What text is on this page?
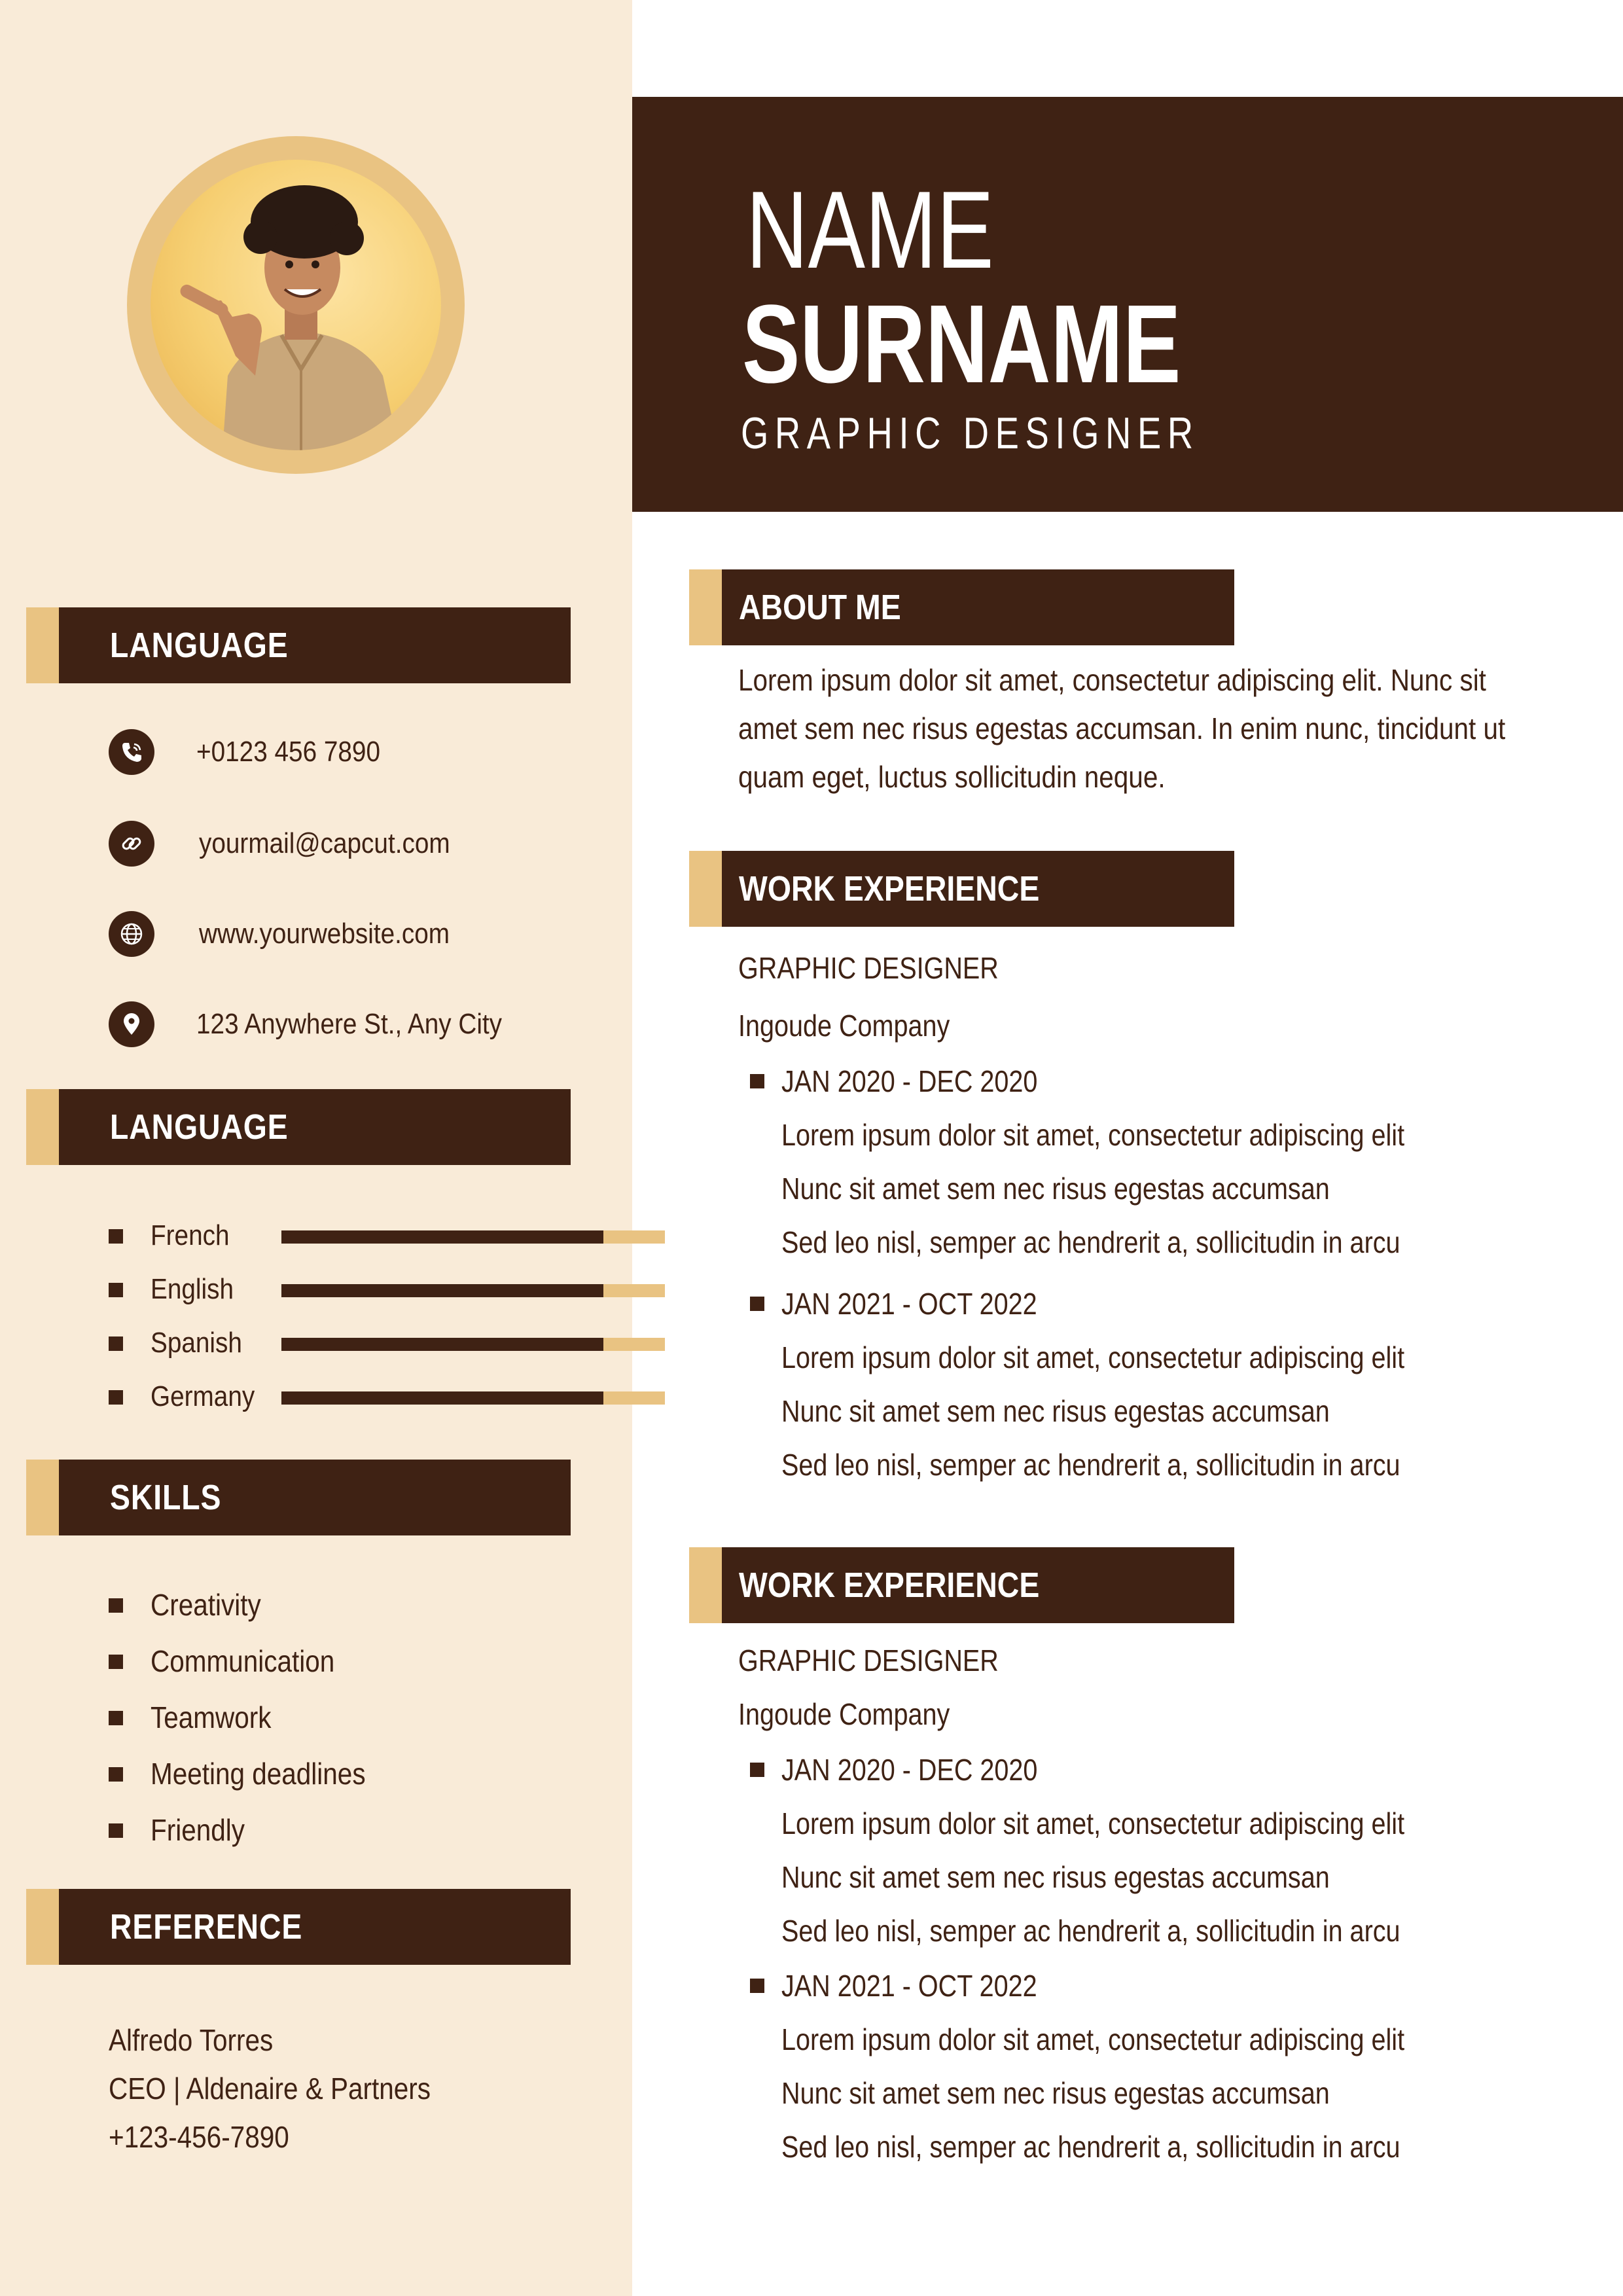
LANGUAGE
+0123 456 7890
yourmail@capcut.com
www.yourwebsite.com
123 Anywhere St., Any City
LANGUAGE
French
English
Spanish
Germany
SKILLS
Creativity
Communication
Teamwork
Meeting deadlines
Friendly
REFERENCE
Alfredo Torres
CEO | Aldenaire & Partners
+123-456-7890
NAME
SURNAME
GRAPHIC DESIGNER
ABOUT ME
Lorem ipsum dolor sit amet, consectetur adipiscing elit. Nunc sit
amet sem nec risus egestas accumsan. In enim nunc, tincidunt ut
quam eget, luctus sollicitudin neque.
WORK EXPERIENCE
GRAPHIC DESIGNER
Ingoude Company
JAN 2020 - DEC 2020
Lorem ipsum dolor sit amet, consectetur adipiscing elit
Nunc sit amet sem nec risus egestas accumsan
Sed leo nisl, semper ac hendrerit a, sollicitudin in arcu
JAN 2021 - OCT 2022
Lorem ipsum dolor sit amet, consectetur adipiscing elit
Nunc sit amet sem nec risus egestas accumsan
Sed leo nisl, semper ac hendrerit a, sollicitudin in arcu
WORK EXPERIENCE
GRAPHIC DESIGNER
Ingoude Company
JAN 2020 - DEC 2020
Lorem ipsum dolor sit amet, consectetur adipiscing elit
Nunc sit amet sem nec risus egestas accumsan
Sed leo nisl, semper ac hendrerit a, sollicitudin in arcu
JAN 2021 - OCT 2022
Lorem ipsum dolor sit amet, consectetur adipiscing elit
Nunc sit amet sem nec risus egestas accumsan
Sed leo nisl, semper ac hendrerit a, sollicitudin in arcu
